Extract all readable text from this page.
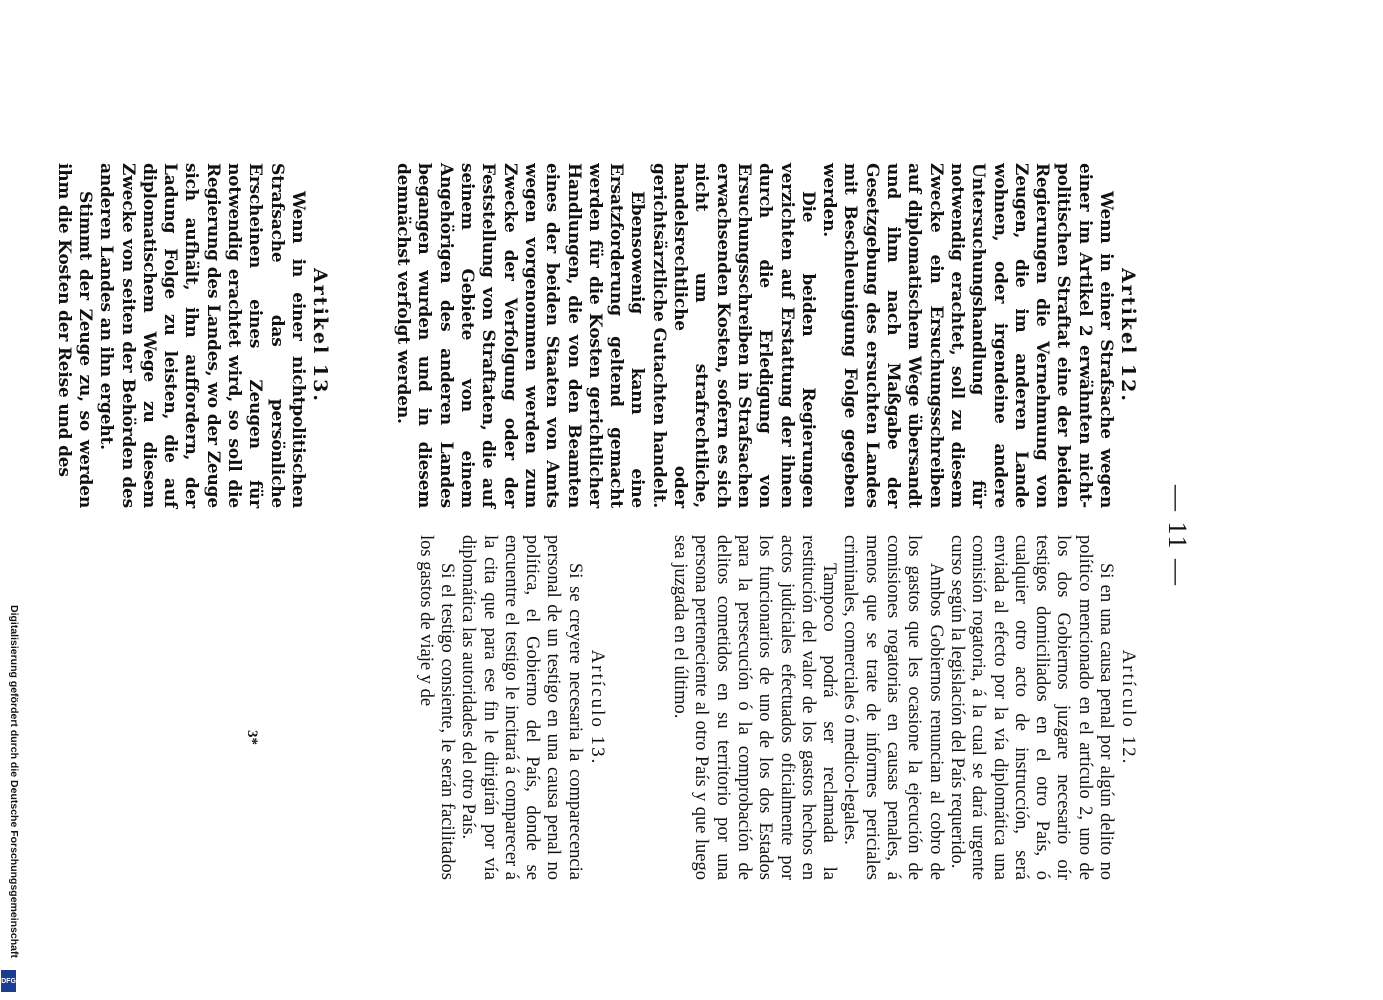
Digitalisierung gefördert durch die Deutsche Forschungsgemeinschaft
DFG
— 11 —

Artikel 12.

Wenn in einer Strafsache wegen einer im Artikel 2 erwähnten nicht-politischen Straftat eine der beiden Regierungen die Vernehmung von Zeugen, die im anderen Lande wohnen, oder irgendeine andere Untersuchungshandlung für notwendig erachtet, soll zu diesem Zwecke ein Ersuchungsschreiben auf diplomatischem Wege übersandt und ihm nach Maßgabe der Gesetzgebung des ersuchten Landes mit Beschleunigung Folge gegeben werden.

Die beiden Regierungen verzichten auf Erstattung der ihnen durch die Erledigung von Ersuchungsschreiben in Strafsachen erwachsenden Kosten, sofern es sich nicht um strafrechtliche, handelsrechtliche oder gerichtsärztliche Gutachten handelt.

Ebensowenig kann eine Ersatzforderung geltend gemacht werden für die Kosten gerichtlicher Handlungen, die von den Beamten eines der beiden Staaten von Amts wegen vorgenommen werden zum Zwecke der Verfolgung oder der Feststellung von Straftaten, die auf seinem Gebiete von einem Angehörigen des anderen Landes begangen wurden und in diesem demnächst verfolgt werden.

Artikel 13.

Wenn in einer nichtpolitischen Strafsache das persönliche Erscheinen eines Zeugen für notwendig erachtet wird, so soll die Regierung des Landes, wo der Zeuge sich aufhält, ihn auffordern, der Ladung Folge zu leisten, die auf diplomatischem Wege zu diesem Zwecke von seiten der Behörden des anderen Landes an ihn ergeht.

Stimmt der Zeuge zu, so werden ihm die Kosten der Reise und des

Artículo 12.

Si en una causa penal por algún delito no político mencionado en el artículo 2, uno de los dos Gobiernos juzgare necesario oír testigos domiciliados en el otro País, ó cualquier otro acto de instrucción, será enviada al efecto por la vía diplomática una comisión rogatoria, á la cual se dará urgente curso según la legislación del País requerido.

Ambos Gobiernos renuncian al cobro de los gastos que les ocasione la ejecución de comisiones rogatorias en causas penales, á menos que se trate de informes periciales criminales, comerciales ó medico-legales.

Tampoco podrá ser reclamada la restitución del valor de los gastos hechos en actos judiciales efectuados oficialmente por los funcionarios de uno de los dos Estados para la persecución ó la comprobación de delitos cometidos en su territorio por una persona perteneciente al otro País y que luego sea juzgada en el último.

Artículo 13.

Si se creyere necesaria la comparecencia personal de un testigo en una causa penal no política, el Gobierno del País, donde se encuentre el testigo le incitará á comparecer á la cita que para ese fin le dirigirán por vía diplomática las autoridades del otro País.

Si el testigo consiente, le serán facilitados los gastos de viaje y de

3*
